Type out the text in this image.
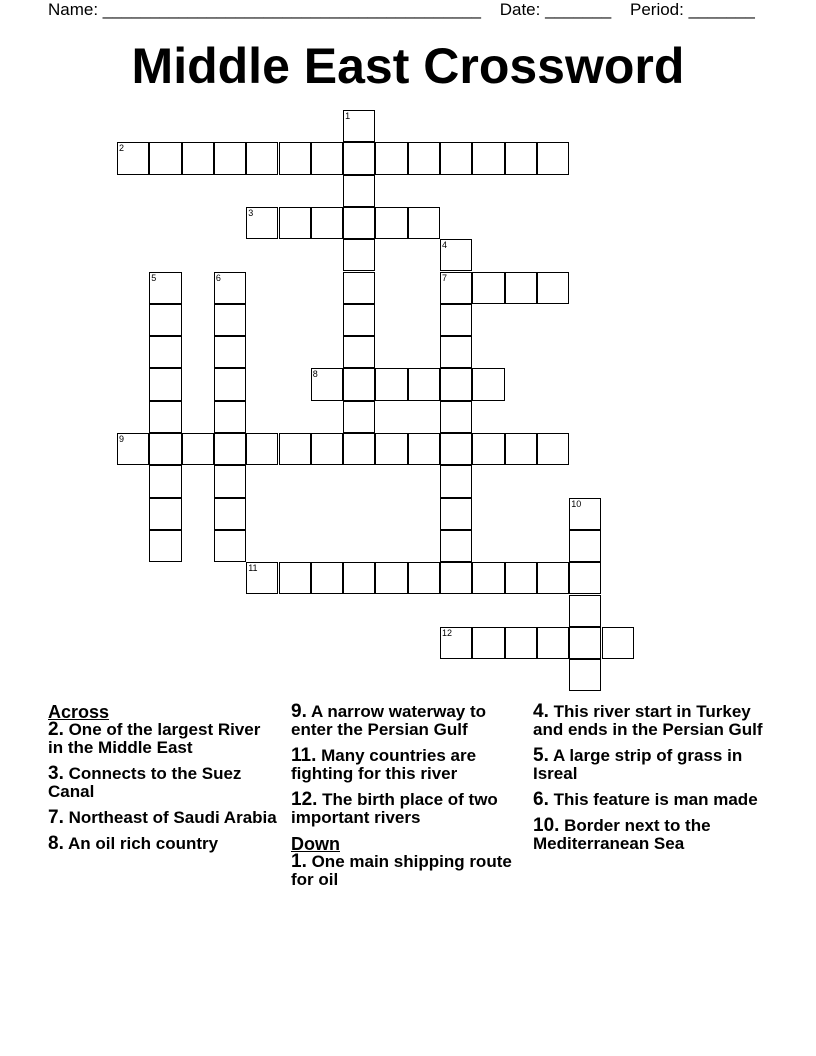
Name: ________________________________________ Date: _______ Period: _______
Middle East Crossword
1
2
3
4
7
5	6
8
9
10
11
12
Across
2. One of the largest River in the Middle East
3. Connects to the Suez Canal
7. Northeast of Saudi Arabia
8. An oil rich country
9. A narrow waterway to enter the Persian Gulf
11. Many countries are fighting for this river
12. The birth place of two important rivers
Down
1. One main shipping route for oil
4. This river start in Turkey and ends in the Persian Gulf
5. A large strip of grass in Isreal
6. This feature is man made
10. Border next to the Mediterranean Sea
